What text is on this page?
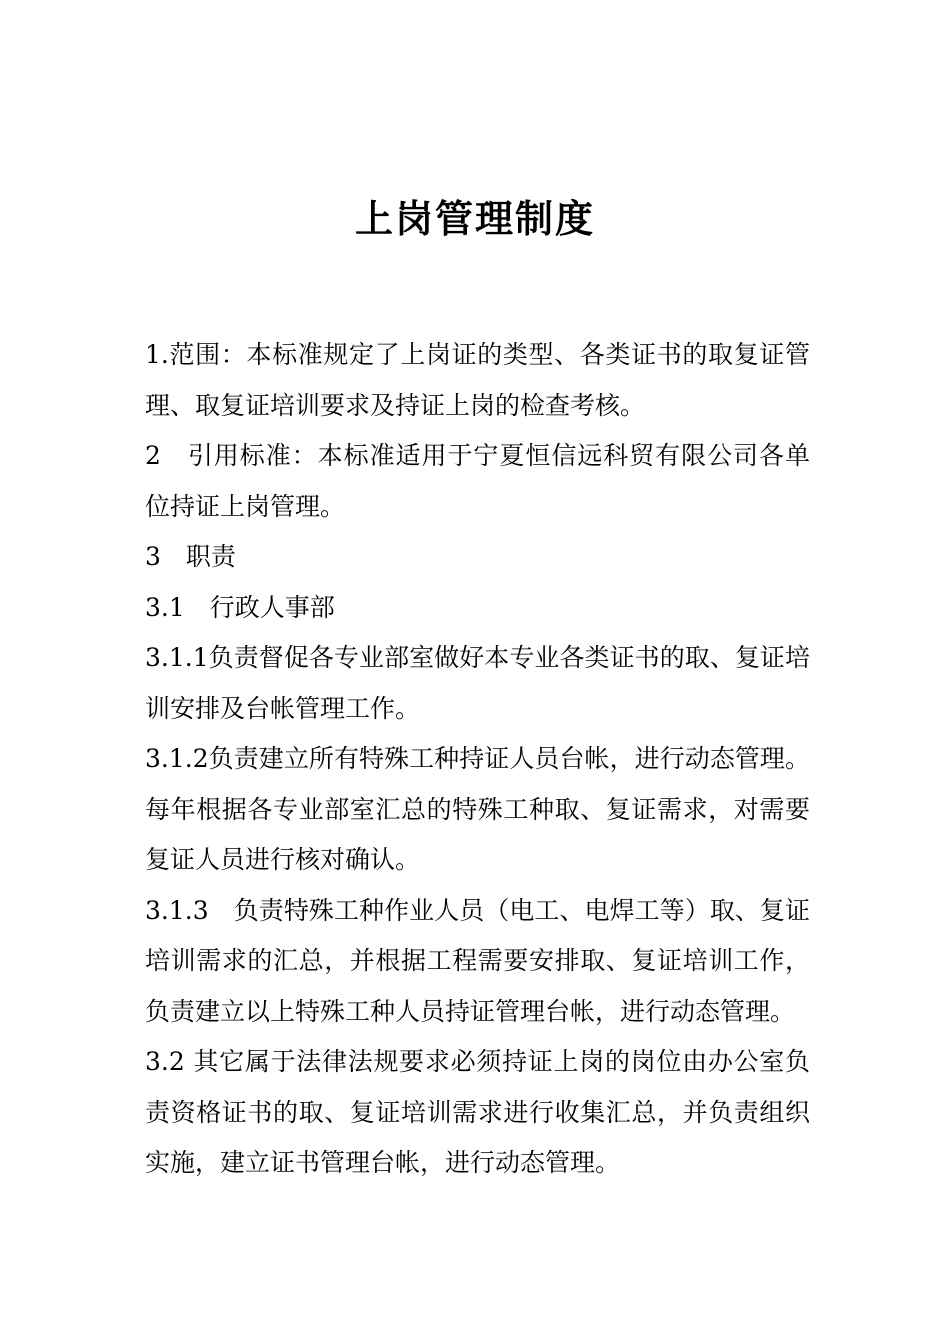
上岗管理制度

1.范围：本标准规定了上岗证的类型、各类证书的取复证管理、取复证培训要求及持证上岗的检查考核。

2　引用标准：本标准适用于宁夏恒信远科贸有限公司各单位持证上岗管理。

3　职责

3.1　行政人事部

3.1.1负责督促各专业部室做好本专业各类证书的取、复证培训安排及台帐管理工作。

3.1.2负责建立所有特殊工种持证人员台帐，进行动态管理。每年根据各专业部室汇总的特殊工种取、复证需求，对需要复证人员进行核对确认。

3.1.3　负责特殊工种作业人员（电工、电焊工等）取、复证培训需求的汇总，并根据工程需要安排取、复证培训工作，负责建立以上特殊工种人员持证管理台帐，进行动态管理。

3.2 其它属于法律法规要求必须持证上岗的岗位由办公室负责资格证书的取、复证培训需求进行收集汇总，并负责组织实施，建立证书管理台帐，进行动态管理。
